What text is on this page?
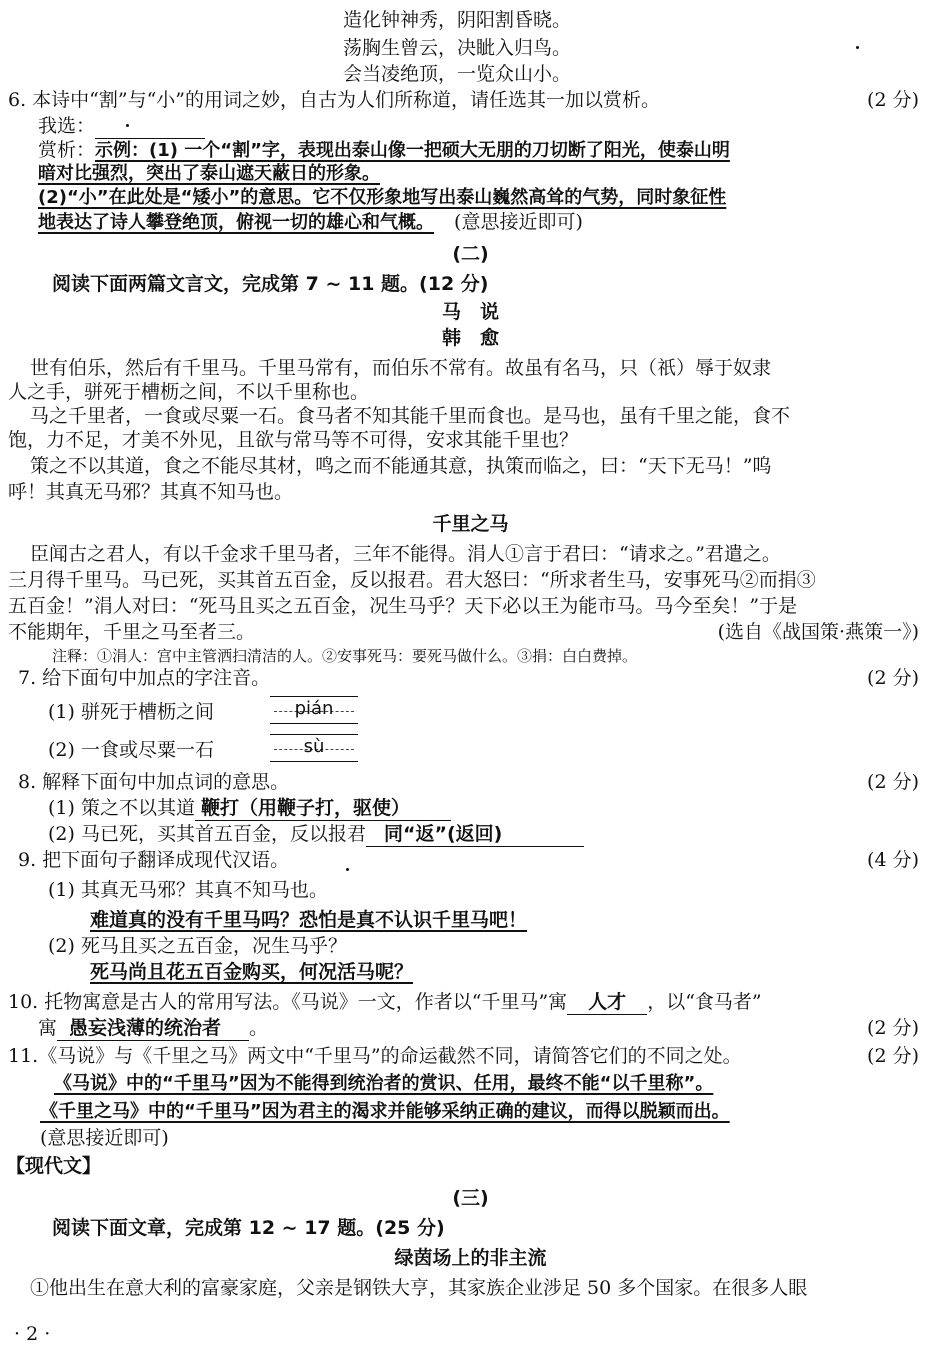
造化钟神秀，阴阳割昏晓。
荡胸生曾云，决眦入归鸟。
会当凌绝顶，一览众山小。
6. 本诗中“割”与“小”的用词之妙，自古为人们所称道，请任选其一加以赏析。	(2 分)
我选：
赏析：示例：(1) 一个“割”字，表现出泰山像一把硕大无朋的刀切断了阳光，使泰山明
暗对比强烈，突出了泰山遮天蔽日的形象。
(2)“小”在此处是“矮小”的意思。它不仅形象地写出泰山巍然高耸的气势，同时象征性
地表达了诗人攀登绝顶，俯视一切的雄心和气概。 (意思接近即可)
(二)
阅读下面两篇文言文，完成第 7 ~ 11 题。(12 分)
马　说
韩　愈
世有伯乐，然后有千里马。千里马常有，而伯乐不常有。故虽有名马，只（祇）辱于奴隶
人之手，骈死于槽枥之间，不以千里称也。
马之千里者，一食或尽粟一石。食马者不知其能千里而食也。是马也，虽有千里之能，食不
饱，力不足，才美不外见，且欲与常马等不可得，安求其能千里也？
策之不以其道，食之不能尽其材，鸣之而不能通其意，执策而临之，曰：“天下无马！”呜
呼！其真无马邪？其真不知马也。
千里之马
臣闻古之君人，有以千金求千里马者，三年不能得。涓人①言于君曰：“请求之。”君遣之。
三月得千里马。马已死，买其首五百金，反以报君。君大怒曰：“所求者生马，安事死马②而捐③
五百金！”涓人对曰：“死马且买之五百金，况生马乎？天下必以王为能市马。马今至矣！”于是
不能期年，千里之马至者三。	(选自《战国策·燕策一》)
注释：①涓人：宫中主管洒扫清洁的人。②安事死马：要死马做什么。③捐：白白费掉。
7. 给下面句中加点的字注音。	(2 分)
(1) 骈死于槽枥之间	pián
(2) 一食或尽粟一石	sù
8. 解释下面句中加点词的意思。	(2 分)
(1) 策之不以其道 鞭打（用鞭子打，驱使）
(2) 马已死，买其首五百金，反以报君 同“返”(返回)
9. 把下面句子翻译成现代汉语。	(4 分)
(1) 其真无马邪？其真不知马也。
难道真的没有千里马吗？恐怕是真不认识千里马吧！
(2) 死马且买之五百金，况生马乎？
死马尚且花五百金购买，何况活马呢？
10. 托物寓意是古人的常用写法。《马说》一文，作者以“千里马”寓 人才 ，以“食马者”
寓 愚妄浅薄的统治者 。	(2 分)
11.《马说》与《千里之马》两文中“千里马”的命运截然不同，请简答它们的不同之处。	(2 分)
《马说》中的“千里马”因为不能得到统治者的赏识、任用，最终不能“以千里称”。
《千里之马》中的“千里马”因为君主的渴求并能够采纳正确的建议，而得以脱颖而出。
(意思接近即可)
【现代文】
(三)
阅读下面文章，完成第 12 ~ 17 题。(25 分)
绿茵场上的非主流
①他出生在意大利的富豪家庭，父亲是钢铁大亨，其家族企业涉足 50 多个国家。在很多人眼
· 2 ·
